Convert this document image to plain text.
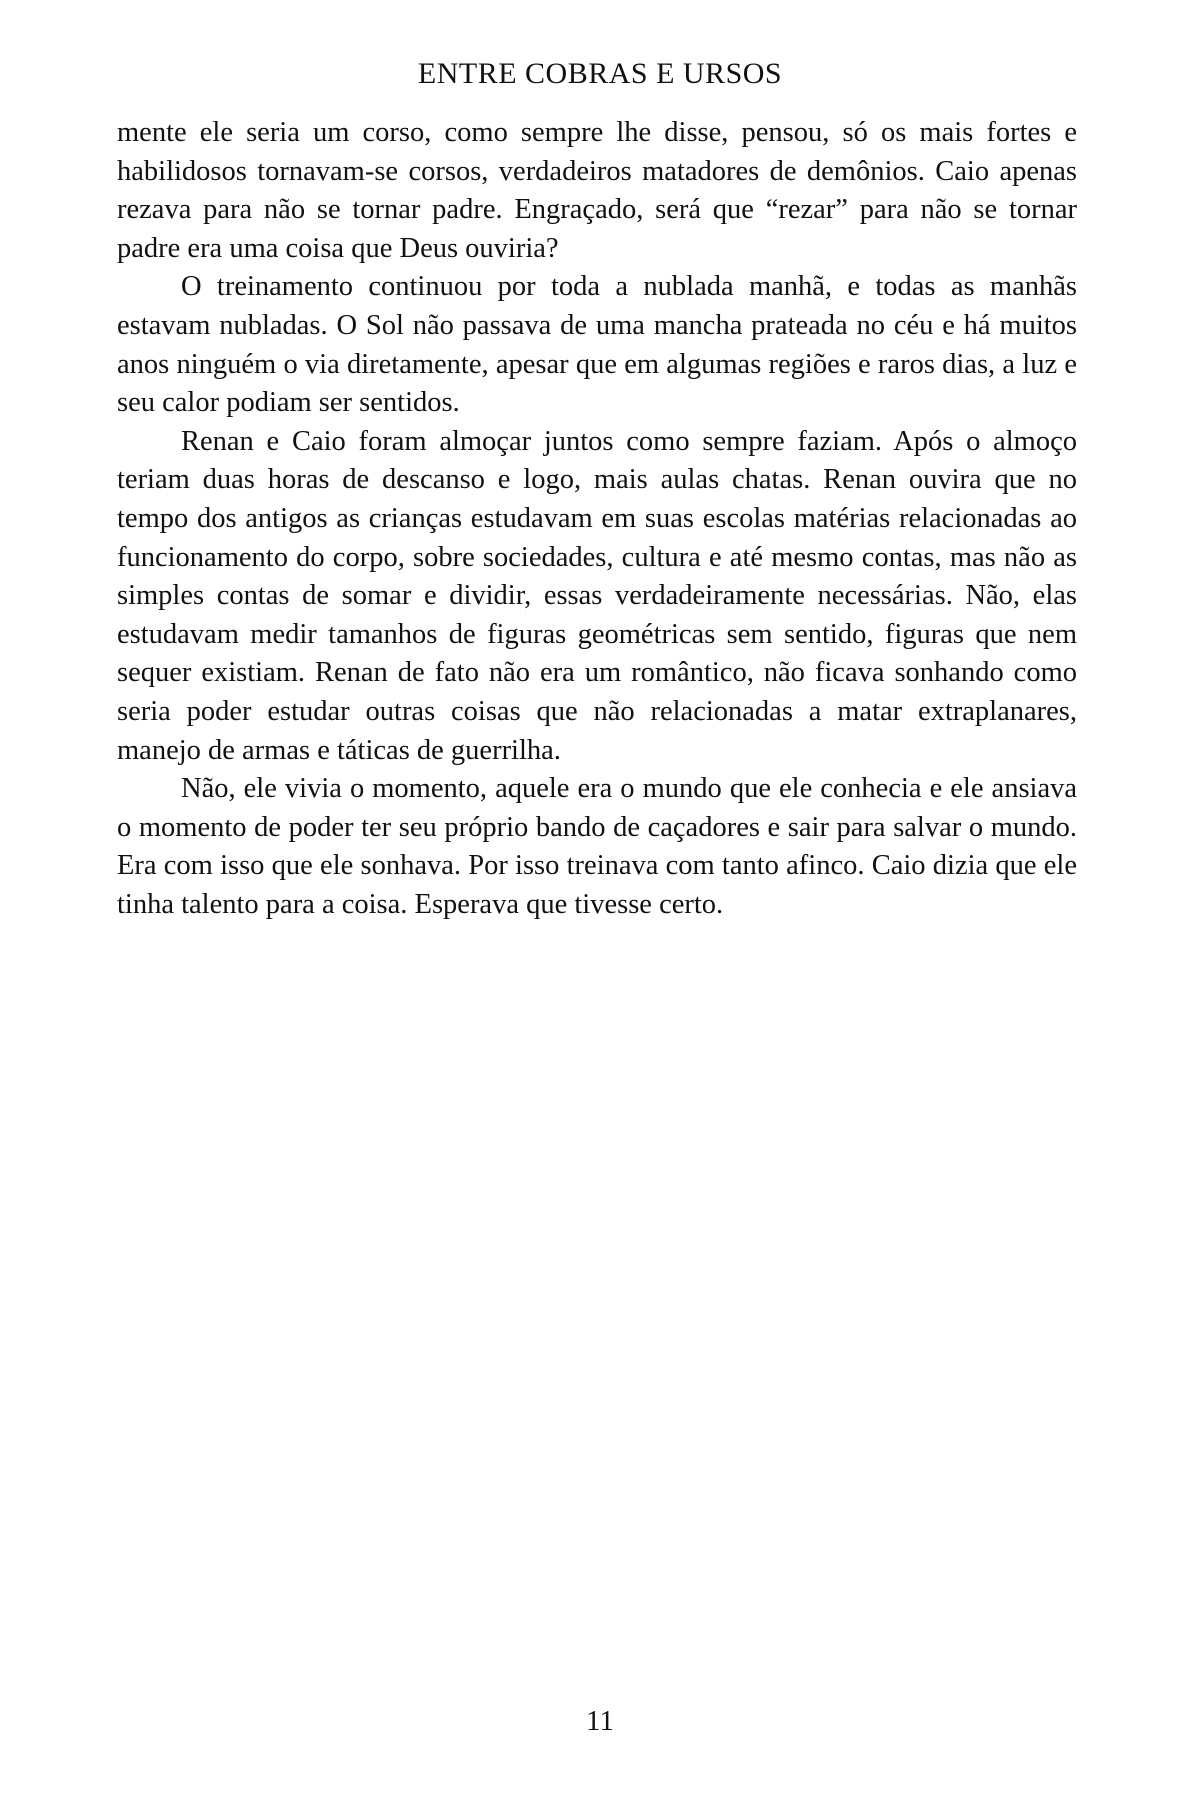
ENTRE COBRAS E URSOS

mente ele seria um corso, como sempre lhe disse, pensou, só os mais fortes e habilidosos tornavam-se corsos, verdadeiros matadores de demônios. Caio apenas rezava para não se tornar padre. Engraçado, será que “rezar” para não se tornar padre era uma coisa que Deus ouviria?

O treinamento continuou por toda a nublada manhã, e todas as manhãs estavam nubladas. O Sol não passava de uma mancha prateada no céu e há muitos anos ninguém o via diretamente, apesar que em algumas regiões e raros dias, a luz e seu calor podiam ser sentidos.

Renan e Caio foram almoçar juntos como sempre faziam. Após o almoço teriam duas horas de descanso e logo, mais aulas chatas. Renan ouvira que no tempo dos antigos as crianças estudavam em suas escolas matérias relacionadas ao funcionamento do corpo, sobre sociedades, cultura e até mesmo contas, mas não as simples contas de somar e dividir, essas verdadeiramente necessárias. Não, elas estudavam medir tamanhos de figuras geométricas sem sentido, figuras que nem sequer existiam. Renan de fato não era um romântico, não ficava sonhando como seria poder estudar outras coisas que não relacionadas a matar extraplanares, manejo de armas e táticas de guerrilha.

Não, ele vivia o momento, aquele era o mundo que ele conhecia e ele ansiava o momento de poder ter seu próprio bando de caçadores e sair para salvar o mundo. Era com isso que ele sonhava. Por isso treinava com tanto afinco. Caio dizia que ele tinha talento para a coisa. Esperava que tivesse certo.

11
